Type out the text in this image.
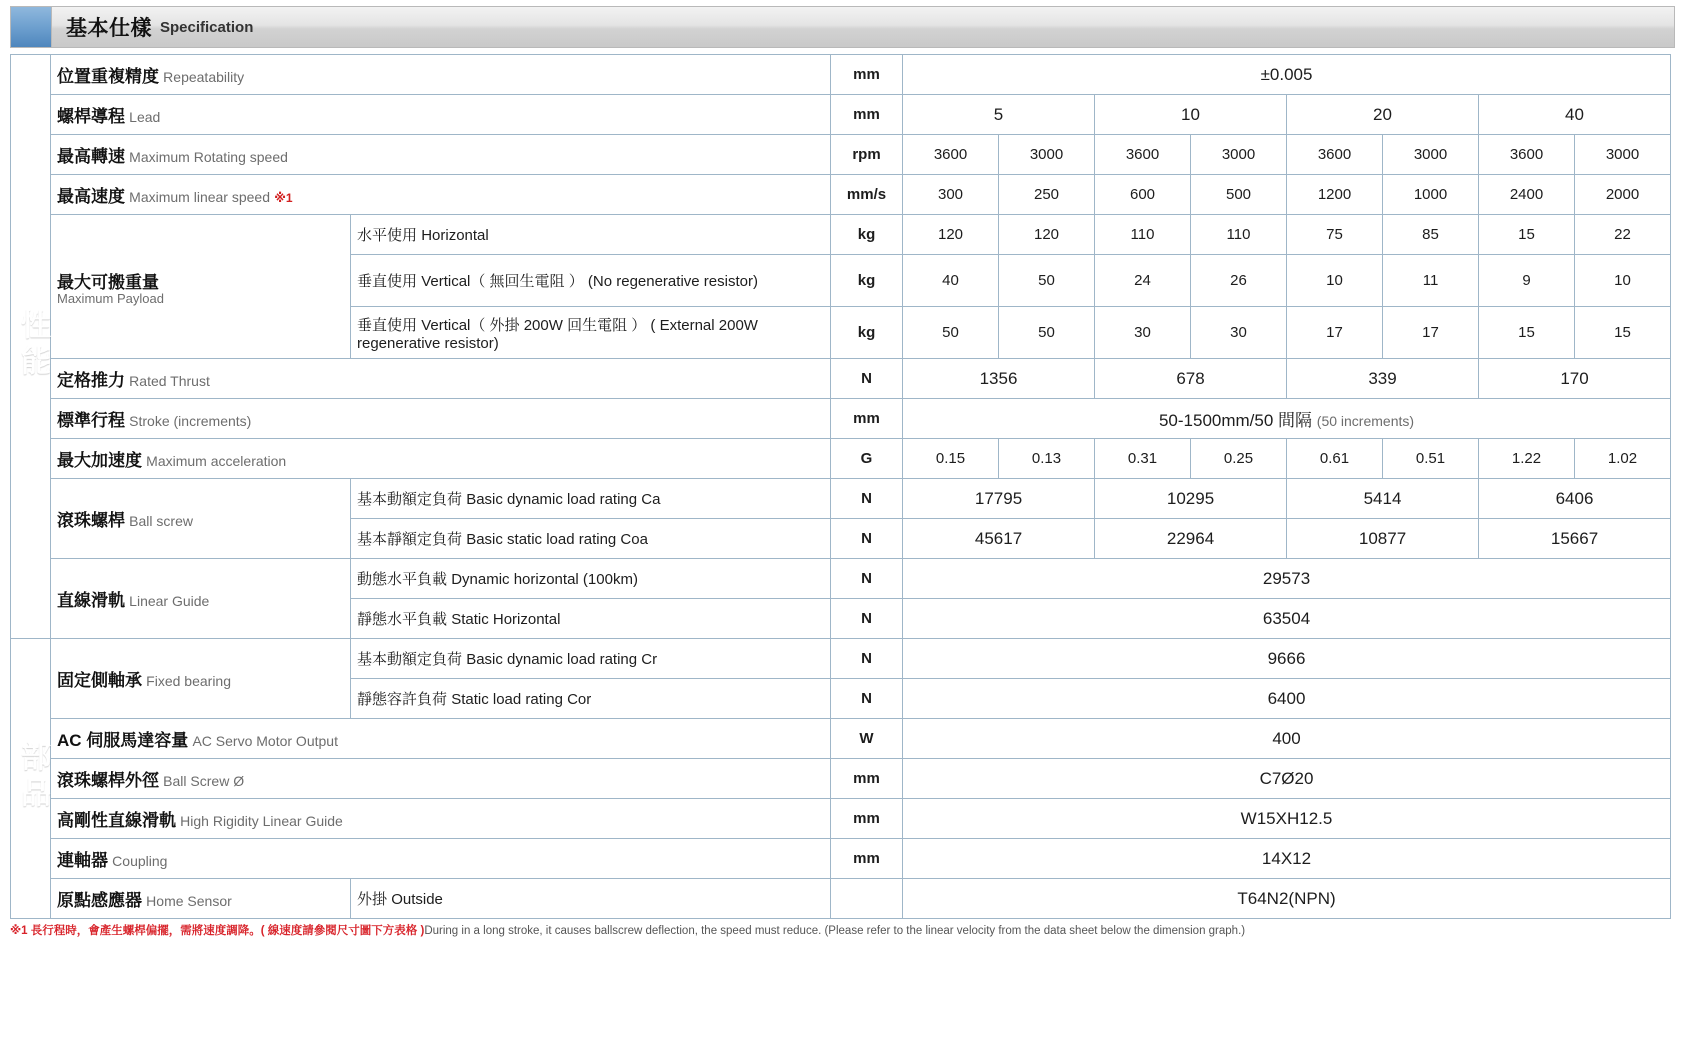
基本仕樣 Specification
性能	位置重複精度 Repeatability		mm	±0.005							
	螺桿導程 Lead		mm	5		10		20		40	
	最高轉速 Maximum Rotating speed		rpm	3600	3000	3600	3000	3600	3000	3600	3000
	最高速度 Maximum linear speed ※1		mm/s	300	250	600	500	1200	1000	2400	2000
	最大可搬重量
Maximum Payload	水平使用 Horizontal	kg	120	120	110	110	75	85	15	22
		垂直使用 Vertical（ 無回生電阻 ） (No regenerative resistor)	kg	40	50	24	26	10	11	9	10
		垂直使用 Vertical（ 外掛 200W 回生電阻 ） ( External 200W regenerative resistor)	kg	50	50	30	30	17	17	15	15
	定格推力 Rated Thrust		N	1356		678		339		170	
	標準行程 Stroke (increments)		mm	50-1500mm/50 間隔 (50 increments)							
	最大加速度 Maximum acceleration		G	0.15	0.13	0.31	0.25	0.61	0.51	1.22	1.02
	滾珠螺桿 Ball screw	基本動額定負荷 Basic dynamic load rating Ca	N	17795		10295		5414		6406	
		基本靜額定負荷 Basic static load rating Coa	N	45617		22964		10877		15667	
	直線滑軌 Linear Guide	動態水平負載 Dynamic horizontal (100km)	N	29573							
		靜態水平負載 Static Horizontal	N	63504							
部品	固定側軸承 Fixed bearing	基本動額定負荷 Basic dynamic load rating Cr	N	9666							
		靜態容許負荷 Static load rating Cor	N	6400							
	AC 伺服馬達容量 AC Servo Motor Output		W	400							
	滾珠螺桿外徑 Ball Screw Ø		mm	C7Ø20							
	高剛性直線滑軌 High Rigidity Linear Guide		mm	W15XH12.5							
	連軸器 Coupling		mm	14X12							
	原點感應器 Home Sensor	外掛 Outside		T64N2(NPN)							
※1 長行程時，會產生螺桿偏擺，需將速度調降。( 線速度請參閱尺寸圖下方表格 )During in a long stroke, it causes ballscrew deflection, the speed must reduce. (Please refer to the linear velocity from the data sheet below the dimension graph.)
